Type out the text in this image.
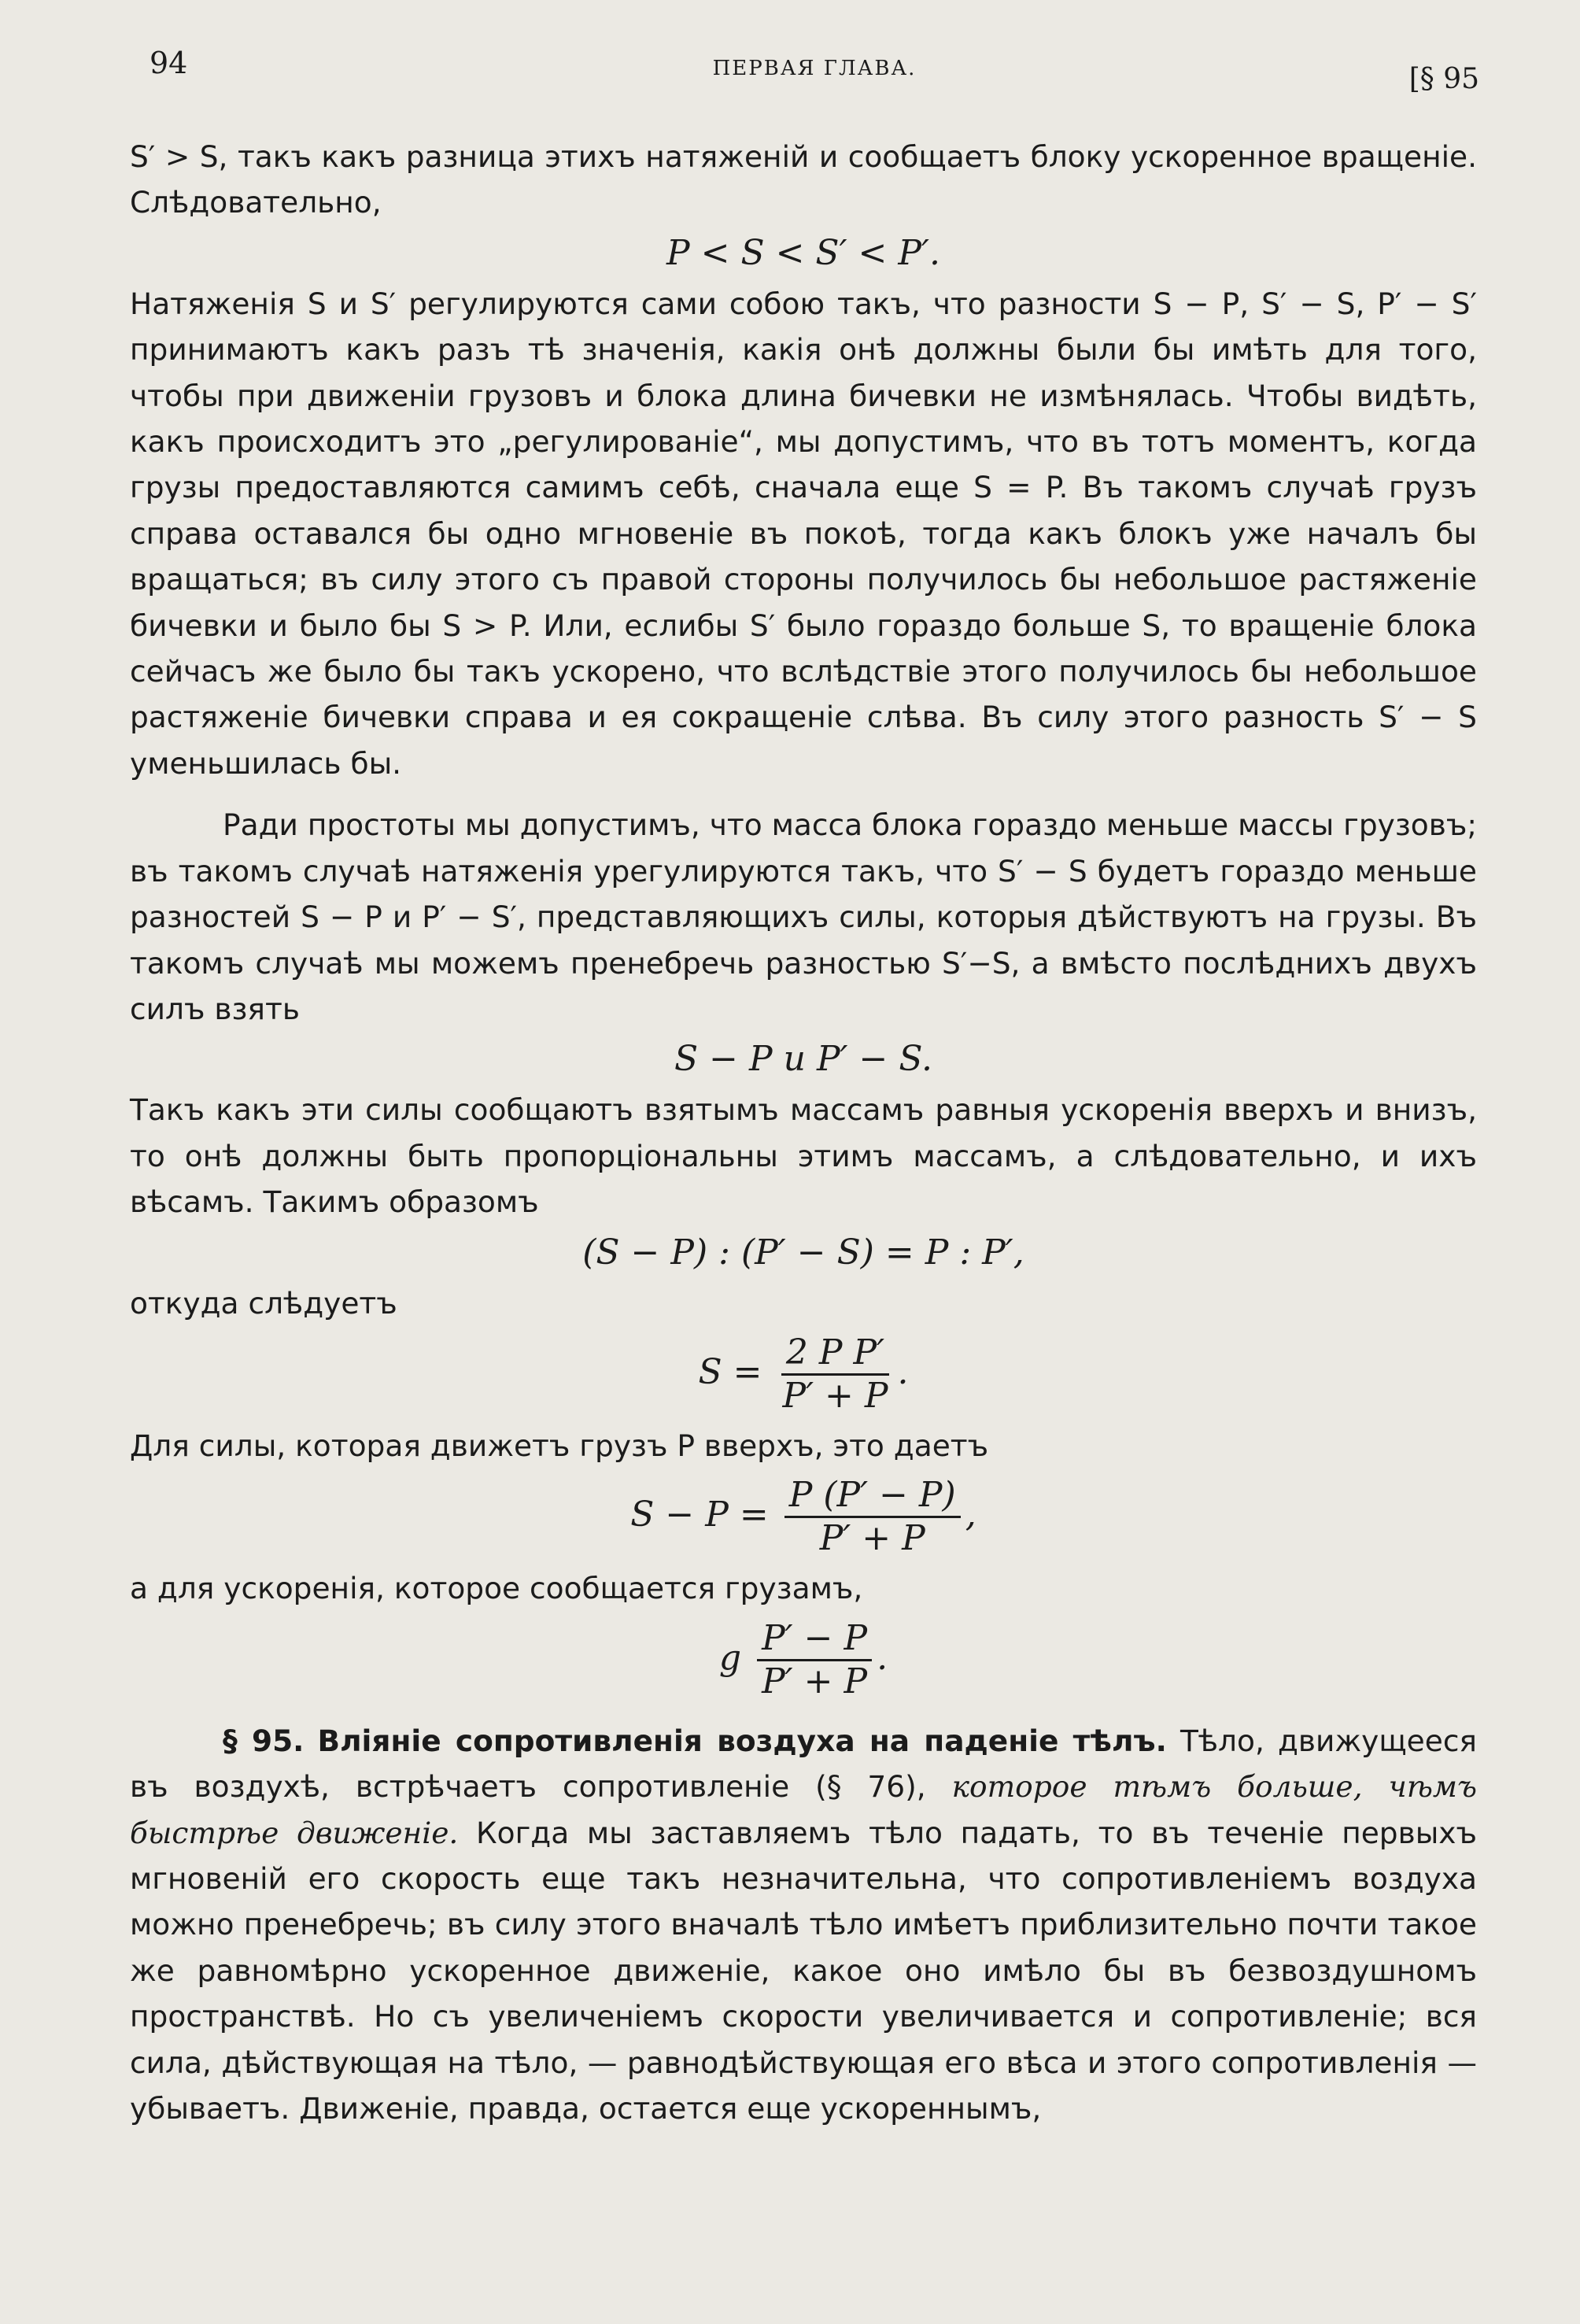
94	ПЕРВАЯ ГЛАВА.	[§ 95

S′ > S, такъ какъ разница этихъ натяженій и сообщаетъ блоку ускоренное вращеніе. Слѣдовательно,

P < S < S′ < P′.

Натяженія S и S′ регулируются сами собою такъ, что разности S − P, S′ − S, P′ − S′ принимаютъ какъ разъ тѣ значенія, какія онѣ должны были бы имѣть для того, чтобы при движеніи грузовъ и блока длина бичевки не измѣнялась. Чтобы видѣть, какъ происходитъ это „регулированіе“, мы допустимъ, что въ тотъ моментъ, когда грузы предоставляются самимъ себѣ, сначала еще S = P. Въ такомъ случаѣ грузъ справа оставался бы одно мгновеніе въ покоѣ, тогда какъ блокъ уже началъ бы вращаться; въ силу этого съ правой стороны получилось бы небольшое растяженіе бичевки и было бы S > P. Или, еслибы S′ было гораздо больше S, то вращеніе блока сейчасъ же было бы такъ ускорено, что вслѣдствіе этого получилось бы небольшое растяженіе бичевки справа и ея сокращеніе слѣва. Въ силу этого разность S′ − S уменьшилась бы.

Ради простоты мы допустимъ, что масса блока гораздо меньше массы грузовъ; въ такомъ случаѣ натяженія урегулируются такъ, что S′ − S будетъ гораздо меньше разностей S − P и P′ − S′, представляющихъ силы, которыя дѣйствуютъ на грузы. Въ такомъ случаѣ мы можемъ пренебречь разностью S′−S, а вмѣсто послѣднихъ двухъ силъ взять

S − P и P′ − S.

Такъ какъ эти силы сообщаютъ взятымъ массамъ равныя ускоренія вверхъ и внизъ, то онѣ должны быть пропорціональны этимъ массамъ, а слѣдовательно, и ихъ вѣсамъ. Такимъ образомъ

(S − P) : (P′ − S) = P : P′,

откуда слѣдуетъ

$S = \frac{\text{2 P P′}}{P' + P}$ .

Для силы, которая движетъ грузъ P вверхъ, это даетъ

$S - P = \frac{P (P' - P)}{P' + P}$ ,

а для ускоренія, которое сообщается грузамъ,

g $\frac{P' - P}{P' + P}$ .

§ 95. Вліяніе сопротивленія воздуха на паденіе тѣлъ. Тѣло, движущееся въ воздухѣ, встрѣчаетъ сопротивленіе (§ 76), которое тѣмъ больше, чѣмъ быстрѣе движеніе. Когда мы заставляемъ тѣло падать, то въ теченіе первыхъ мгновеній его скорость еще такъ незначительна, что сопротивленіемъ воздуха можно пренебречь; въ силу этого вначалѣ тѣло имѣетъ приблизительно почти такое же равномѣрно ускоренное движеніе, какое оно имѣло бы въ безвоздушномъ пространствѣ. Но съ увеличеніемъ скорости увеличивается и сопротивленіе; вся сила, дѣйствующая на тѣло, — равнодѣйствующая его вѣса и этого сопротивленія — убываетъ. Движеніе, правда, остается еще ускореннымъ,
